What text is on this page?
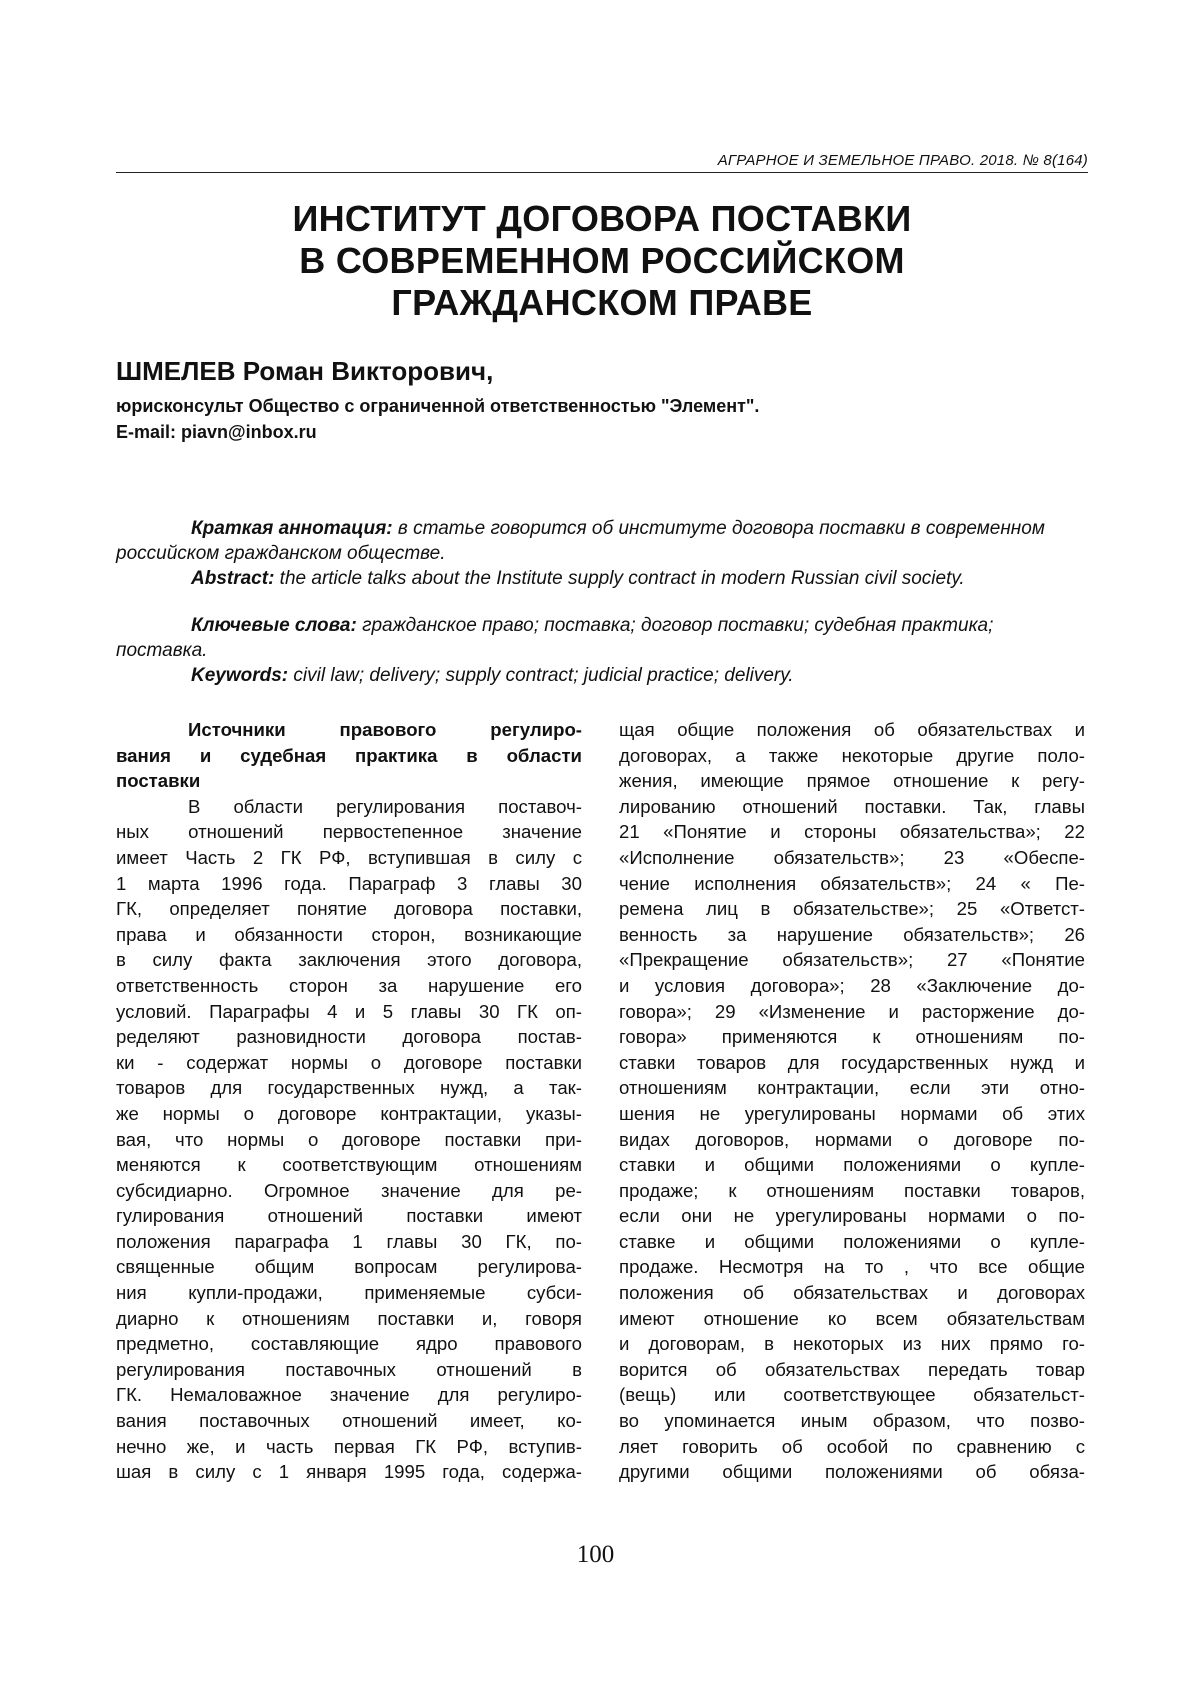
АГРАРНОЕ И ЗЕМЕЛЬНОЕ ПРАВО. 2018. № 8(164)
ИНСТИТУТ ДОГОВОРА ПОСТАВКИ
В СОВРЕМЕННОМ РОССИЙСКОМ
ГРАЖДАНСКОМ ПРАВЕ
ШМЕЛЕВ Роман Викторович,
юрисконсульт Общество с ограниченной ответственностью "Элемент".
E-mail: piavn@inbox.ru
Краткая аннотация: в статье говорится об институте договора поставки в современном российском гражданском обществе.
Abstract: the article talks about the Institute supply contract in modern Russian civil society.
Ключевые слова: гражданское право; поставка; договор поставки; судебная практика; поставка.
Keywords: civil law; delivery; supply contract; judicial practice; delivery.
Источники правового регулиро-
вания и судебная практика в области
поставки
В области регулирования поставоч-
ных отношений первостепенное значение
имеет Часть 2 ГК РФ, вступившая в силу с
1 марта 1996 года. Параграф 3 главы 30
ГК, определяет понятие договора поставки,
права и обязанности сторон, возникающие
в силу факта заключения этого договора,
ответственность сторон за нарушение его
условий. Параграфы 4 и 5 главы 30 ГК оп-
ределяют разновидности договора постав-
ки - содержат нормы о договоре поставки
товаров для государственных нужд, а так-
же нормы о договоре контрактации, указы-
вая, что нормы о договоре поставки при-
меняются к соответствующим отношениям
субсидиарно. Огромное значение для ре-
гулирования отношений поставки имеют
положения параграфа 1 главы 30 ГК, по-
священные общим вопросам регулирова-
ния купли-продажи, применяемые субси-
диарно к отношениям поставки и, говоря
предметно, составляющие ядро правового
регулирования поставочных отношений в
ГК. Немаловажное значение для регулиро-
вания поставочных отношений имеет, ко-
нечно же, и часть первая ГК РФ, вступив-
шая в силу с 1 января 1995 года, содержа-
щая общие положения об обязательствах и
договорах, а также некоторые другие поло-
жения, имеющие прямое отношение к регу-
лированию отношений поставки. Так, главы
21 «Понятие и стороны обязательства»; 22
«Исполнение обязательств»; 23 «Обеспе-
чение исполнения обязательств»; 24 « Пе-
ремена лиц в обязательстве»; 25 «Ответст-
венность за нарушение обязательств»; 26
«Прекращение обязательств»; 27 «Понятие
и условия договора»; 28 «Заключение до-
говора»; 29 «Изменение и расторжение до-
говора» применяются к отношениям по-
ставки товаров для государственных нужд и
отношениям контрактации, если эти отно-
шения не урегулированы нормами об этих
видах договоров, нормами о договоре по-
ставки и общими положениями о купле-
продаже; к отношениям поставки товаров,
если они не урегулированы нормами о по-
ставке и общими положениями о купле-
продаже. Несмотря на то , что все общие
положения об обязательствах и договорах
имеют отношение ко всем обязательствам
и договорам, в некоторых из них прямо го-
ворится об обязательствах передать товар
(вещь) или соответствующее обязательст-
во упоминается иным образом, что позво-
ляет говорить об особой по сравнению с
другими общими положениями об обяза-
100
